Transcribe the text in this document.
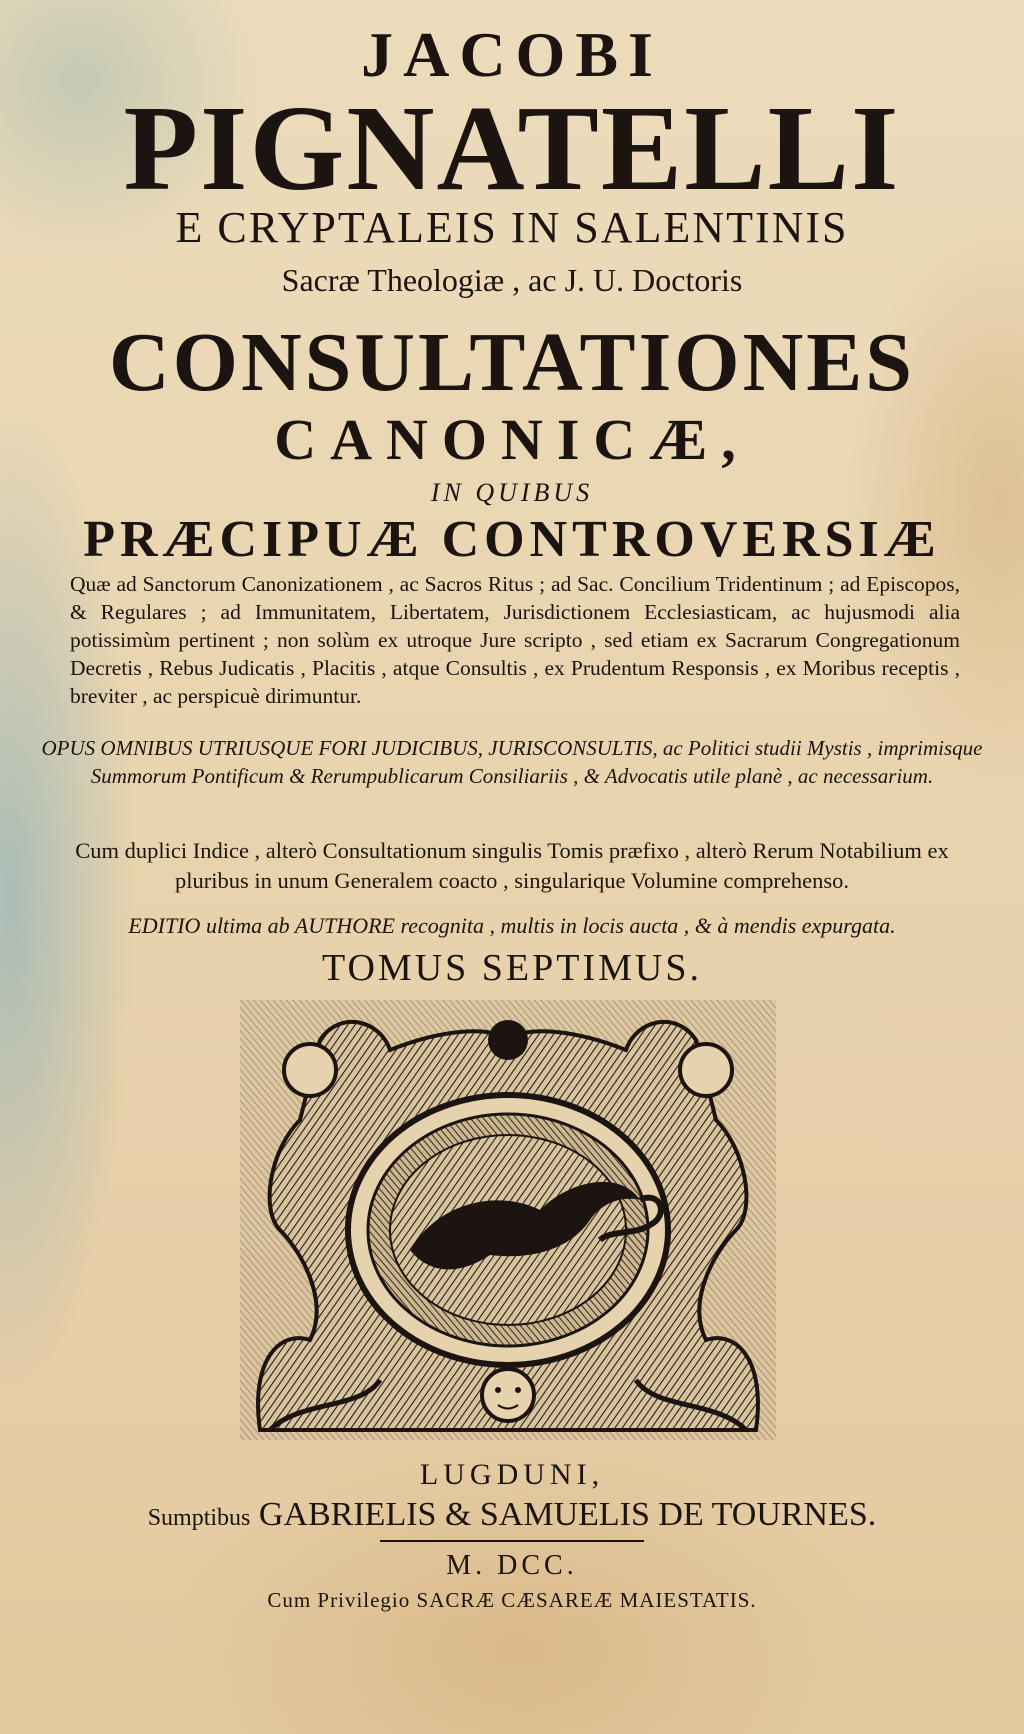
JACOBI
PIGNATELLI
E CRYPTALEIS IN SALENTINIS
Sacræ Theologiæ , ac J. U. Doctoris
CONSULTATIONES
CANONICÆ,
IN QUIBUS
PRÆCIPUÆ CONTROVERSIÆ
Quæ ad Sanctorum Canonizationem , ac Sacros Ritus ; ad Sac. Concilium Tridentinum ; ad Episcopos, & Regulares ; ad Immunitatem, Libertatem, Jurisdictionem Ecclesiasticam, ac hujusmodi alia potissimùm pertinent ; non solùm ex utroque Jure scripto , sed etiam ex Sacrarum Congregationum Decretis , Rebus Judicatis , Placitis , atque Consultis , ex Prudentum Responsis , ex Moribus receptis , breviter , ac perspicuè dirimuntur.
OPUS OMNIBUS UTRIUSQUE FORI JUDICIBUS, JURISCONSULTIS, ac Politici studii Mystis , imprimisque Summorum Pontificum & Rerumpublicarum Consiliariis , & Advocatis utile planè , ac necessarium.
Cum duplici Indice , alterò Consultationum singulis Tomis præfixo , alterò Rerum Notabilium ex pluribus in unum Generalem coacto , singularique Volumine comprehenso.
EDITIO ultima ab AUTHORE recognita , multis in locis aucta , & à mendis expurgata.
TOMUS SEPTIMUS.
LUGDUNI,
Sumptibus GABRIELIS & SAMUELIS DE TOURNES.
M. DCC.
Cum Privilegio SACRÆ CÆSAREÆ MAIESTATIS.
